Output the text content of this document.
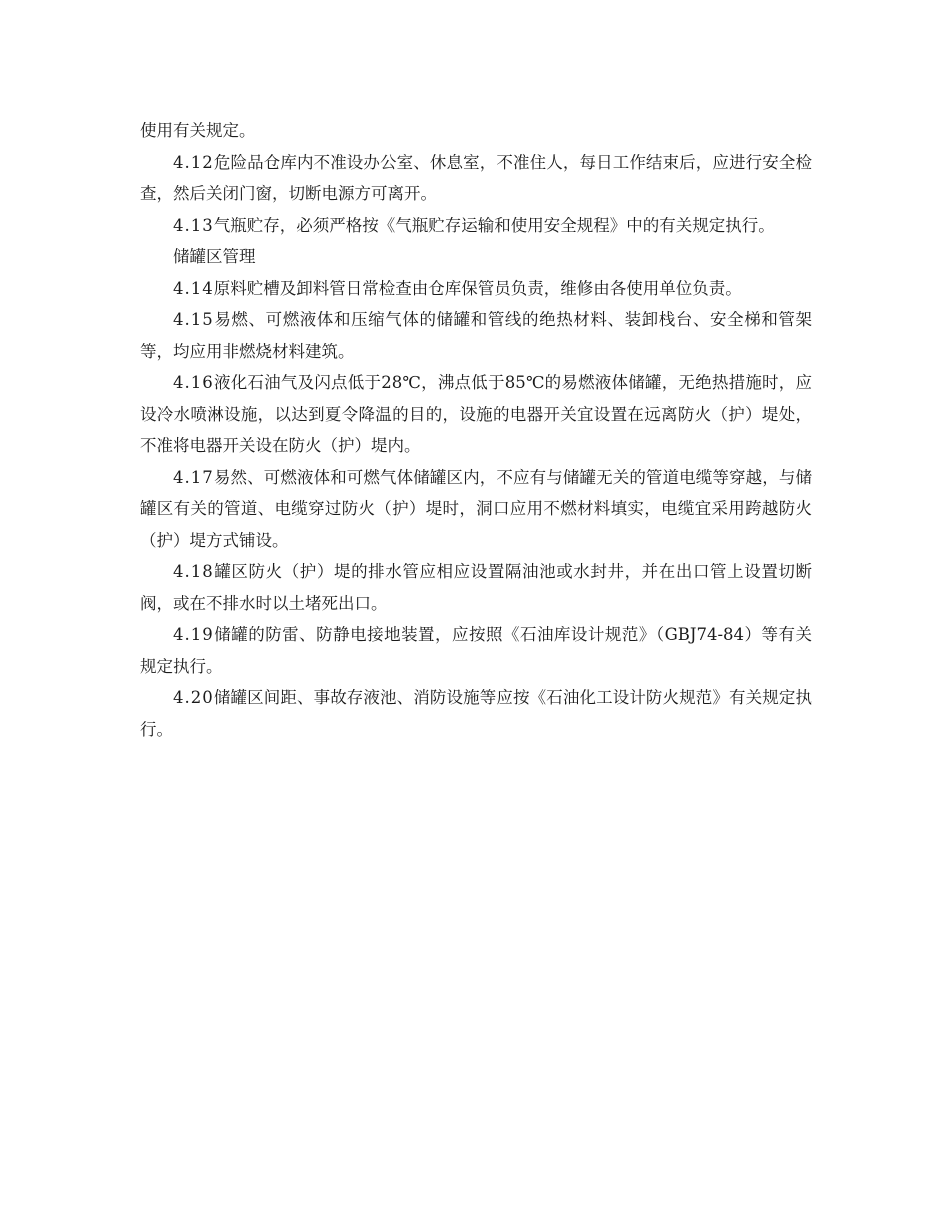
使用有关规定。

4.12危险品仓库内不准设办公室、休息室，不准住人，每日工作结束后，应进行安全检查，然后关闭门窗，切断电源方可离开。

4.13气瓶贮存，必须严格按《气瓶贮存运输和使用安全规程》中的有关规定执行。

储罐区管理

4.14原料贮槽及卸料管日常检查由仓库保管员负责，维修由各使用单位负责。

4.15易燃、可燃液体和压缩气体的储罐和管线的绝热材料、装卸栈台、安全梯和管架等，均应用非燃烧材料建筑。

4.16液化石油气及闪点低于28℃，沸点低于85℃的易燃液体储罐，无绝热措施时，应设冷水喷淋设施，以达到夏令降温的目的，设施的电器开关宜设置在远离防火（护）堤处，不准将电器开关设在防火（护）堤内。

4.17易然、可燃液体和可燃气体储罐区内，不应有与储罐无关的管道电缆等穿越，与储罐区有关的管道、电缆穿过防火（护）堤时，洞口应用不燃材料填实，电缆宜采用跨越防火（护）堤方式铺设。

4.18罐区防火（护）堤的排水管应相应设置隔油池或水封井，并在出口管上设置切断阀，或在不排水时以土堵死出口。

4.19储罐的防雷、防静电接地装置，应按照《石油库设计规范》（GBJ74-84）等有关规定执行。

4.20储罐区间距、事故存液池、消防设施等应按《石油化工设计防火规范》有关规定执行。
